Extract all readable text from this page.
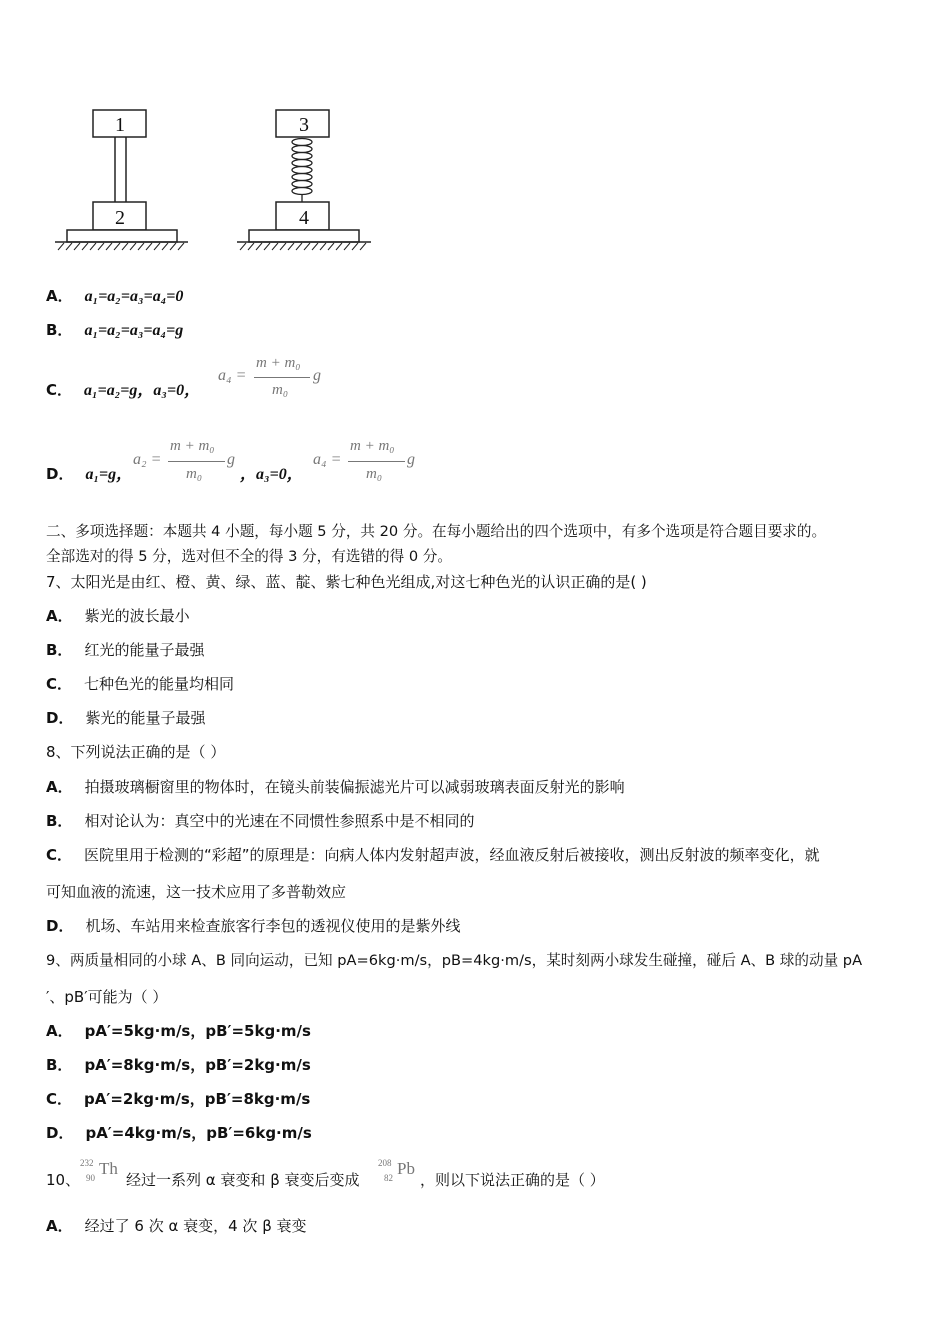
1
2
3
4
A． a₁=a₂=a₃=a₄=0
B． a₁=a₂=a₃=a₄=g
C． a₁=a₂=g，a₃=0，
a₄ =
m + m₀
m₀
g
D． a₁=g，
a₂ =
m + m₀
m₀
g
，a₃=0，
a₄ =
m + m₀
m₀
g
二、多项选择题：本题共 4 小题，每小题 5 分，共 20 分。在每小题给出的四个选项中，有多个选项是符合题目要求的。
全部选对的得 5 分，选对但不全的得 3 分，有选错的得 0 分。
7、太阳光是由红、橙、黄、绿、蓝、靛、紫七种色光组成,对这七种色光的认识正确的是( )
A． 紫光的波长最小
B． 红光的能量子最强
C． 七种色光的能量均相同
D． 紫光的能量子最强
8、下列说法正确的是（ ）
A． 拍摄玻璃橱窗里的物体时，在镜头前装偏振滤光片可以减弱玻璃表面反射光的影响
B． 相对论认为：真空中的光速在不同惯性参照系中是不相同的
C． 医院里用于检测的“彩超”的原理是：向病人体内发射超声波，经血液反射后被接收，测出反射波的频率变化，就
可知血液的流速，这一技术应用了多普勒效应
D． 机场、车站用来检查旅客行李包的透视仪使用的是紫外线
9、两质量相同的小球 A、B 同向运动，已知 pA=6kg·m/s，pB=4kg·m/s，某时刻两小球发生碰撞，碰后 A、B 球的动量 pA
′、pB′可能为（ ）
A． pA′=5kg·m/s，pB′=5kg·m/s
B． pA′=8kg·m/s，pB′=2kg·m/s
C． pA′=2kg·m/s，pB′=8kg·m/s
D． pA′=4kg·m/s，pB′=6kg·m/s
10、
232
90 Th
经过一系列 α 衰变和 β 衰变后变成
208
82 Pb
，则以下说法正确的是（ ）
A． 经过了 6 次 α 衰变，4 次 β 衰变
